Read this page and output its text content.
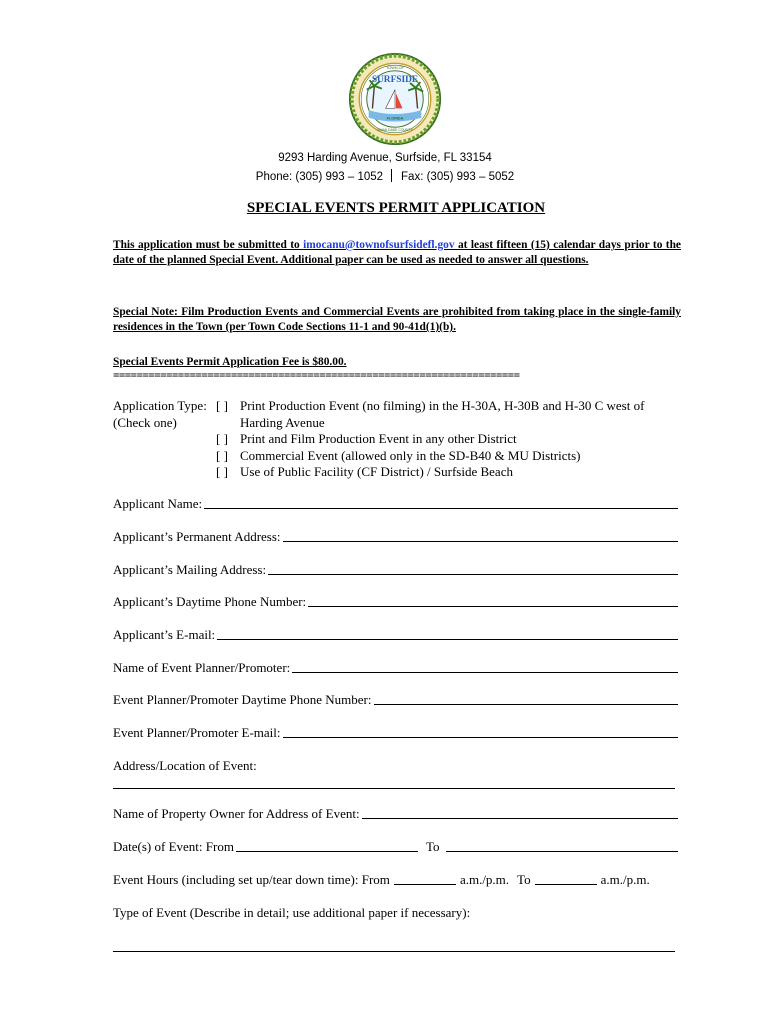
SURFSIDE
TOWN OF
FLORIDA
MIAMI-DADE COUNTY
9293 Harding Avenue, Surfside, FL 33154
Phone: (305) 993 – 1052 Fax: (305) 993 – 5052
SPECIAL EVENTS PERMIT APPLICATION
This application must be submitted to imocanu@townofsurfsidefl.gov at least fifteen (15) calendar days prior to the date of the planned Special Event. Additional paper can be used as needed to answer all questions.
Special Note: Film Production Events and Commercial Events are prohibited from taking place in the single-family residences in the Town (per Town Code Sections 11-1 and 90-41d(1)(b).
Special Events Permit Application Fee is $80.00.
=====================================================================
Application Type: [ ] Print Production Event (no filming) in the H-30A, H-30B and H-30 C west of
(Check one)	Harding Avenue
[ ] Print and Film Production Event in any other District
[ ] Commercial Event (allowed only in the SD-B40 & MU Districts)
[ ] Use of Public Facility (CF District) / Surfside Beach
Applicant Name:
Applicant’s Permanent Address:
Applicant’s Mailing Address:
Applicant’s Daytime Phone Number:
Applicant’s E-mail:
Name of Event Planner/Promoter:
Event Planner/Promoter Daytime Phone Number:
Event Planner/Promoter E-mail:
Address/Location of Event:
Name of Property Owner for Address of Event:
Date(s) of Event: From	To
Event Hours (including set up/tear down time): From	a.m./p.m. To	a.m./p.m.
Type of Event (Describe in detail; use additional paper if necessary):
